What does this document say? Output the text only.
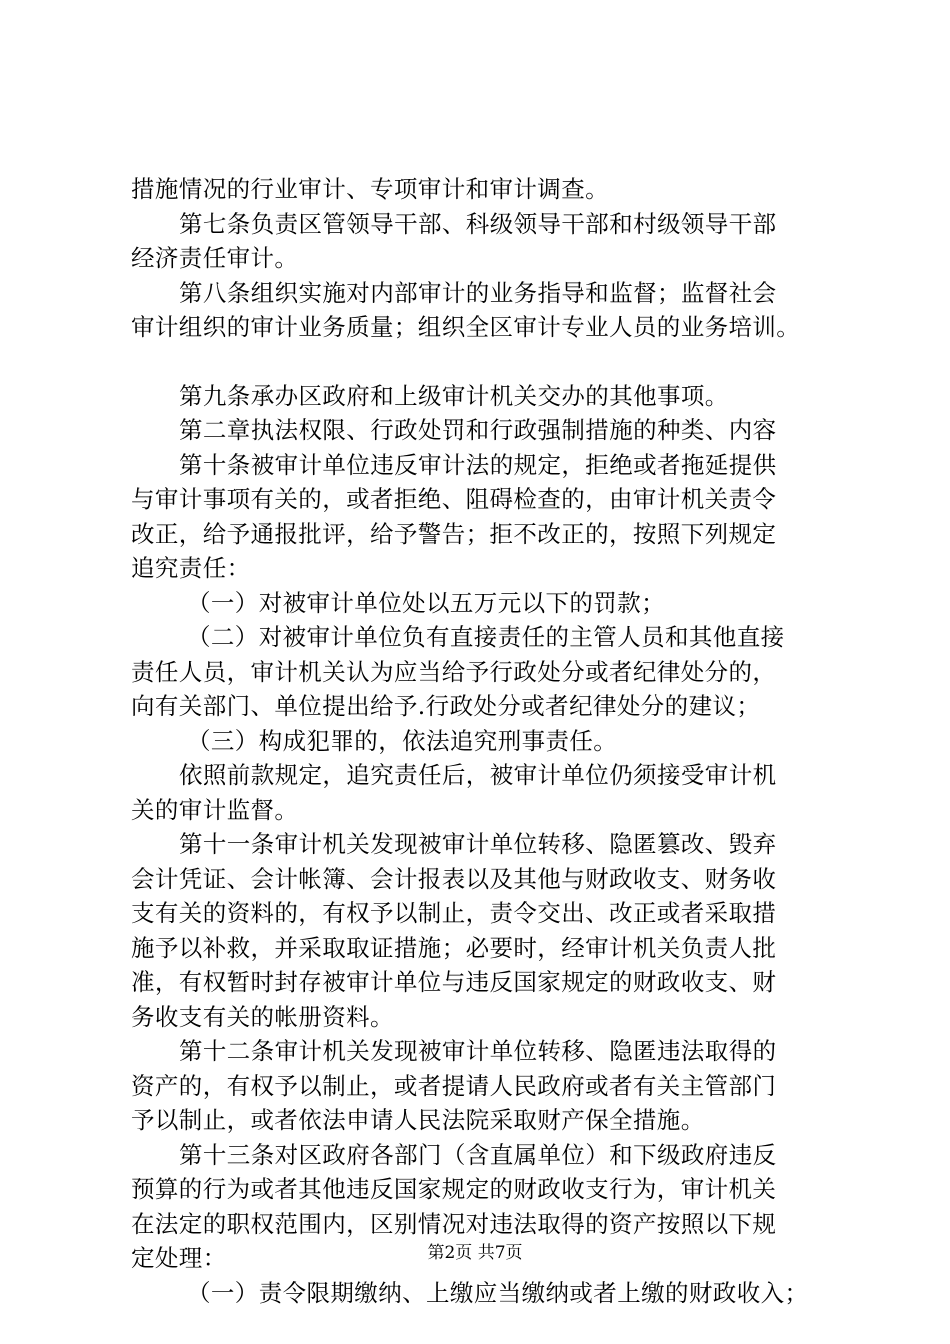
措施情况的行业审计、专项审计和审计调查。
第七条负责区管领导干部、科级领导干部和村级领导干部
经济责任审计。
第八条组织实施对内部审计的业务指导和监督；监督社会
审计组织的审计业务质量；组织全区审计专业人员的业务培训。
第九条承办区政府和上级审计机关交办的其他事项。
第二章执法权限、行政处罚和行政强制措施的种类、内容
第十条被审计单位违反审计法的规定，拒绝或者拖延提供
与审计事项有关的，或者拒绝、阻碍检查的，由审计机关责令
改正，给予通报批评，给予警告；拒不改正的，按照下列规定
追究责任：
（一）对被审计单位处以五万元以下的罚款；
（二）对被审计单位负有直接责任的主管人员和其他直接
责任人员，审计机关认为应当给予行政处分或者纪律处分的，
向有关部门、单位提出给予.行政处分或者纪律处分的建议；
（三）构成犯罪的，依法追究刑事责任。
依照前款规定，追究责任后，被审计单位仍须接受审计机
关的审计监督。
第十一条审计机关发现被审计单位转移、隐匿篡改、毁弃
会计凭证、会计帐簿、会计报表以及其他与财政收支、财务收
支有关的资料的，有权予以制止，责令交出、改正或者采取措
施予以补救，并采取取证措施；必要时，经审计机关负责人批
准，有权暂时封存被审计单位与违反国家规定的财政收支、财
务收支有关的帐册资料。
第十二条审计机关发现被审计单位转移、隐匿违法取得的
资产的，有权予以制止，或者提请人民政府或者有关主管部门
予以制止，或者依法申请人民法院采取财产保全措施。
第十三条对区政府各部门（含直属单位）和下级政府违反
预算的行为或者其他违反国家规定的财政收支行为，审计机关
在法定的职权范围内，区别情况对违法取得的资产按照以下规
定处理：
（一）责令限期缴纳、上缴应当缴纳或者上缴的财政收入；
第2页 共7页
